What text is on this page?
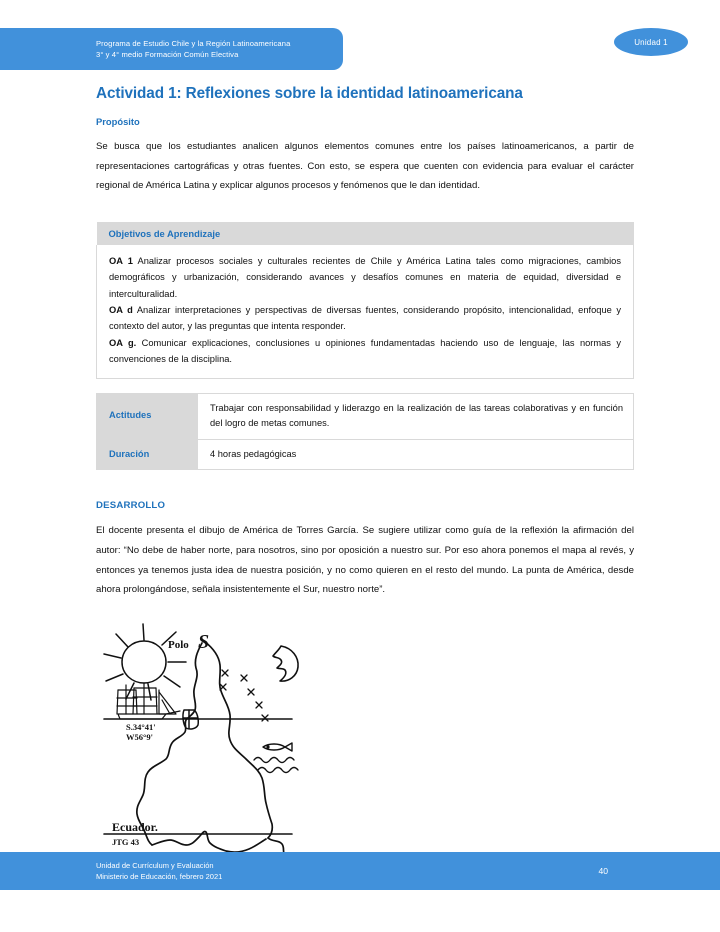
Programa de Estudio Chile y la Región Latinoamericana
3° y 4° medio Formación Común Electiva
Unidad 1
Actividad 1: Reflexiones sobre la identidad latinoamericana
Propósito

Se busca que los estudiantes analicen algunos elementos comunes entre los países latinoamericanos, a partir de representaciones cartográficas y otras fuentes. Con esto, se espera que cuenten con evidencia para evaluar el carácter regional de América Latina y explicar algunos procesos y fenómenos que le dan identidad.

Objetivos de Aprendizaje

OA 1 Analizar procesos sociales y culturales recientes de Chile y América Latina tales como migraciones, cambios demográficos y urbanización, considerando avances y desafíos comunes en materia de equidad, diversidad e interculturalidad.

OA d Analizar interpretaciones y perspectivas de diversas fuentes, considerando propósito, intencionalidad, enfoque y contexto del autor, y las preguntas que intenta responder.

OA g. Comunicar explicaciones, conclusiones u opiniones fundamentadas haciendo uso de lenguaje, las normas y convenciones de la disciplina.

Actitudes	Trabajar con responsabilidad y liderazgo en la realización de las tareas colaborativas y en función del logro de metas comunes.
Duración	4 horas pedagógicas
DESARROLLO

El docente presenta el dibujo de América de Torres García. Se sugiere utilizar como guía de la reflexión la afirmación del autor: “No debe de haber norte, para nosotros, sino por oposición a nuestro sur. Por eso ahora ponemos el mapa al revés, y entonces ya tenemos justa idea de nuestra posición, y no como quieren en el resto del mundo. La punta de América, desde ahora prolongándose, señala insistentemente el Sur, nuestro norte”.

S.34°41'
W56°9'
Polo S
Ecuador.
JTG 43
Unidad de Currículum y Evaluación
Ministerio de Educación, febrero 2021
40
